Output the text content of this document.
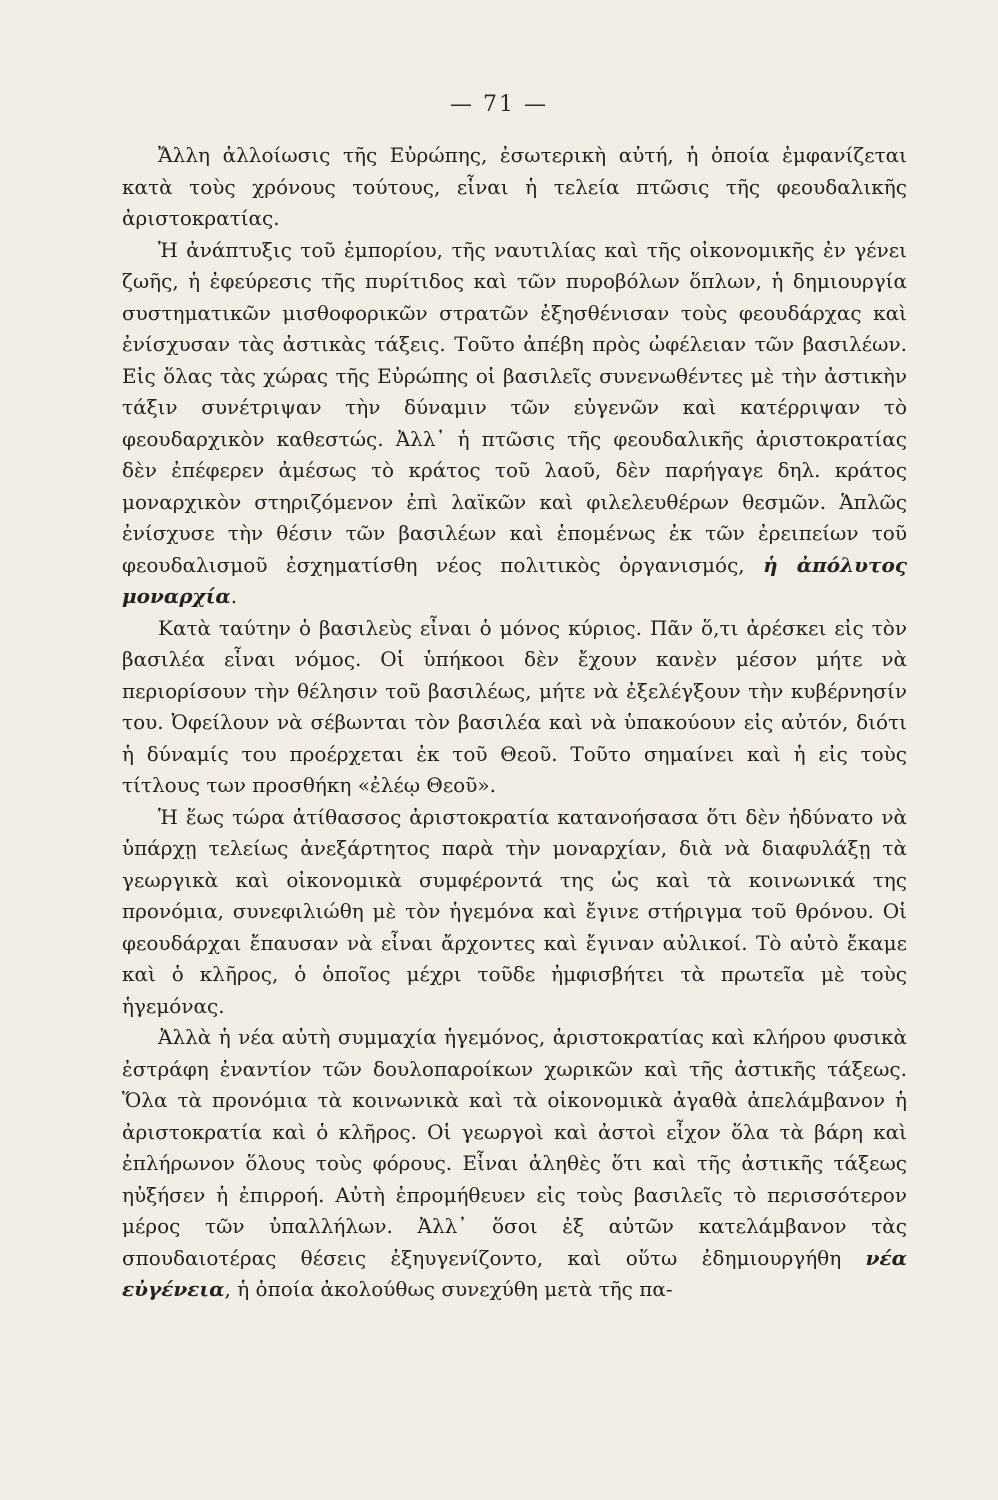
— 71 —

Ἄλλη ἀλλοίωσις τῆς Εὐρώπης, ἐσωτερικὴ αὐτή, ἡ ὁποία ἐμφανίζεται κατὰ τοὺς χρόνους τούτους, εἶναι ἡ τελεία πτῶσις τῆς φεουδαλικῆς ἀριστοκρατίας.

Ἡ ἀνάπτυξις τοῦ ἐμπορίου, τῆς ναυτιλίας καὶ τῆς οἰκονομικῆς ἐν γένει ζωῆς, ἡ ἐφεύρεσις τῆς πυρίτιδος καὶ τῶν πυροβόλων ὅπλων, ἡ δημιουργία συστηματικῶν μισθοφορικῶν στρατῶν ἐξησθένισαν τοὺς φεουδάρχας καὶ ἐνίσχυσαν τὰς ἀστικὰς τάξεις. Τοῦτο ἀπέβη πρὸς ὠφέλειαν τῶν βασιλέων. Εἰς ὅλας τὰς χώρας τῆς Εὐρώπης οἱ βασιλεῖς συνενωθέντες μὲ τὴν ἀστικὴν τάξιν συνέτριψαν τὴν δύναμιν τῶν εὐγενῶν καὶ κατέρριψαν τὸ φεουδαρχικὸν καθεστώς. Ἀλλ᾽ ἡ πτῶσις τῆς φεουδαλικῆς ἀριστοκρατίας δὲν ἐπέφερεν ἀμέσως τὸ κράτος τοῦ λαοῦ, δὲν παρήγαγε δηλ. κράτος μοναρχικὸν στηριζόμενον ἐπὶ λαϊκῶν καὶ φιλελευθέρων θεσμῶν. Ἁπλῶς ἐνίσχυσε τὴν θέσιν τῶν βασιλέων καὶ ἑπομένως ἐκ τῶν ἐρειπείων τοῦ φεουδαλισμοῦ ἐσχηματίσθη νέος πολιτικὸς ὀργανισμός, ἡ ἀπόλυτος μοναρχία.

Κατὰ ταύτην ὁ βασιλεὺς εἶναι ὁ μόνος κύριος. Πᾶν ὅ,τι ἀρέσκει εἰς τὸν βασιλέα εἶναι νόμος. Οἱ ὑπήκοοι δὲν ἔχουν κανὲν μέσον μήτε νὰ περιορίσουν τὴν θέλησιν τοῦ βασιλέως, μήτε νὰ ἐξελέγξουν τὴν κυβέρνησίν του. Ὀφείλουν νὰ σέβωνται τὸν βασιλέα καὶ νὰ ὑπακούουν εἰς αὐτόν, διότι ἡ δύναμίς του προέρχεται ἐκ τοῦ Θεοῦ. Τοῦτο σημαίνει καὶ ἡ εἰς τοὺς τίτλους των προσθήκη «ἐλέῳ Θεοῦ».

Ἡ ἕως τώρα ἀτίθασσος ἀριστοκρατία κατανοήσασα ὅτι δὲν ἠδύνατο νὰ ὑπάρχῃ τελείως ἀνεξάρτητος παρὰ τὴν μοναρχίαν, διὰ νὰ διαφυλάξῃ τὰ γεωργικὰ καὶ οἰκονομικὰ συμφέροντά της ὡς καὶ τὰ κοινωνικά της προνόμια, συνεφιλιώθη μὲ τὸν ἡγεμόνα καὶ ἔγινε στήριγμα τοῦ θρόνου. Οἱ φεουδάρχαι ἔπαυσαν νὰ εἶναι ἄρχοντες καὶ ἔγιναν αὐλικοί. Τὸ αὐτὸ ἔκαμε καὶ ὁ κλῆρος, ὁ ὁποῖος μέχρι τοῦδε ἠμφισβήτει τὰ πρωτεῖα μὲ τοὺς ἡγεμόνας.

Ἀλλὰ ἡ νέα αὐτὴ συμμαχία ἡγεμόνος, ἀριστοκρατίας καὶ κλήρου φυσικὰ ἐστράφη ἐναντίον τῶν δουλοπαροίκων χωρικῶν καὶ τῆς ἀστικῆς τάξεως. Ὅλα τὰ προνόμια τὰ κοινωνικὰ καὶ τὰ οἰκονομικὰ ἀγαθὰ ἀπελάμβανον ἡ ἀριστοκρατία καὶ ὁ κλῆρος. Οἱ γεωργοὶ καὶ ἀστοὶ εἶχον ὅλα τὰ βάρη καὶ ἐπλήρωνον ὅλους τοὺς φόρους. Εἶναι ἀληθὲς ὅτι καὶ τῆς ἀστικῆς τάξεως ηὐξήσεν ἡ ἐπιρροή. Αὐτὴ ἐπρομήθευεν εἰς τοὺς βασιλεῖς τὸ περισσότερον μέρος τῶν ὑπαλλήλων. Ἀλλ᾽ ὅσοι ἐξ αὐτῶν κατελάμβανον τὰς σπουδαιοτέρας θέσεις ἐξηυγενίζοντο, καὶ οὕτω ἐδημιουργήθη νέα εὐγένεια, ἡ ὁποία ἀκολούθως συνεχύθη μετὰ τῆς πα-
